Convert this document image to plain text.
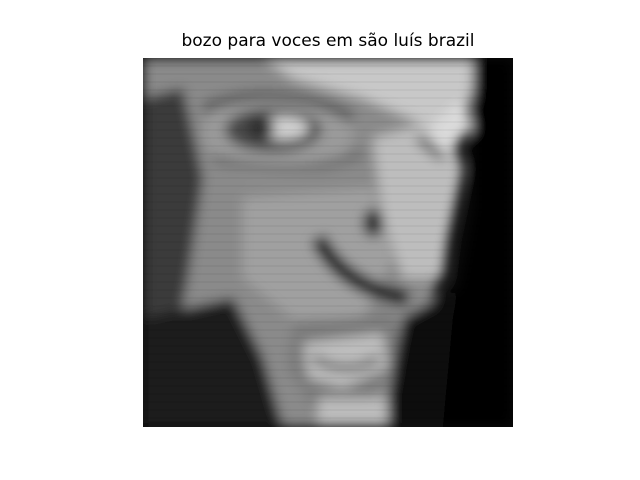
bozo para voces em são luís brazil
